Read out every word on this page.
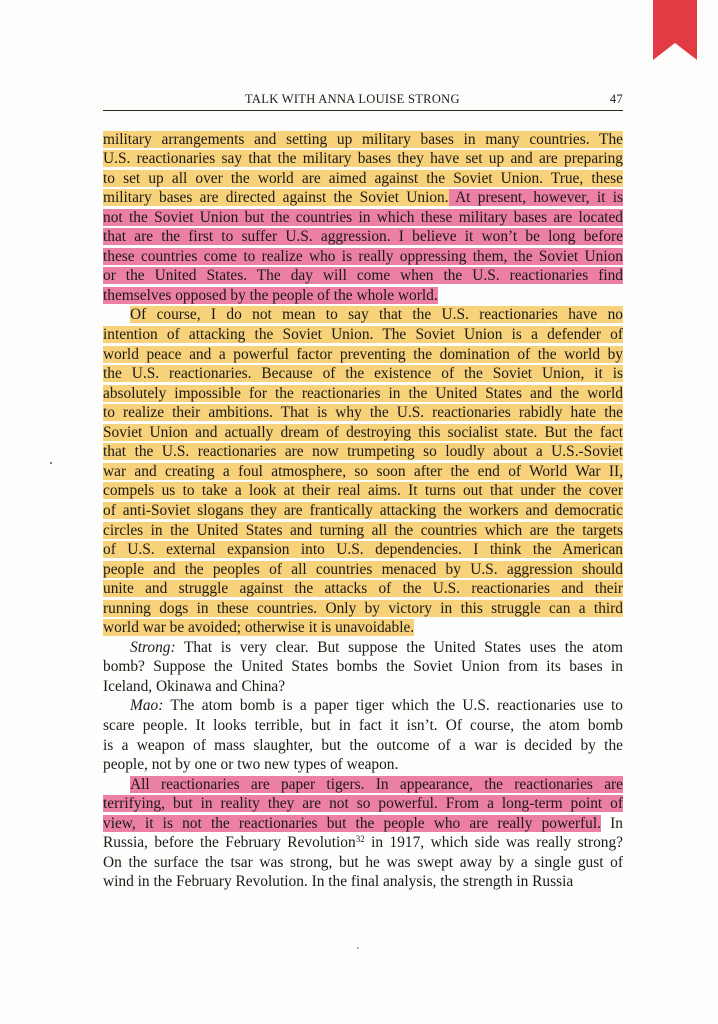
TALK WITH ANNA LOUISE STRONG	47
military arrangements and setting up military bases in many countries. The
U.S. reactionaries say that the military bases they have set up and are preparing
to set up all over the world are aimed against the Soviet Union. True, these
military bases are directed against the Soviet Union. At present, however, it is
not the Soviet Union but the countries in which these military bases are located
that are the first to suffer U.S. aggression. I believe it won’t be long before
these countries come to realize who is really oppressing them, the Soviet Union
or the United States. The day will come when the U.S. reactionaries find
themselves opposed by the people of the whole world.
Of course, I do not mean to say that the U.S. reactionaries have no
intention of attacking the Soviet Union. The Soviet Union is a defender of
world peace and a powerful factor preventing the domination of the world by
the U.S. reactionaries. Because of the existence of the Soviet Union, it is
absolutely impossible for the reactionaries in the United States and the world
to realize their ambitions. That is why the U.S. reactionaries rabidly hate the
Soviet Union and actually dream of destroying this socialist state. But the fact
that the U.S. reactionaries are now trumpeting so loudly about a U.S.-Soviet
war and creating a foul atmosphere, so soon after the end of World War II,
compels us to take a look at their real aims. It turns out that under the cover
of anti-Soviet slogans they are frantically attacking the workers and democratic
circles in the United States and turning all the countries which are the targets
of U.S. external expansion into U.S. dependencies. I think the American
people and the peoples of all countries menaced by U.S. aggression should
unite and struggle against the attacks of the U.S. reactionaries and their
running dogs in these countries. Only by victory in this struggle can a third
world war be avoided; otherwise it is unavoidable.
Strong: That is very clear. But suppose the United States uses the atom
bomb? Suppose the United States bombs the Soviet Union from its bases in
Iceland, Okinawa and China?
Mao: The atom bomb is a paper tiger which the U.S. reactionaries use to
scare people. It looks terrible, but in fact it isn’t. Of course, the atom bomb
is a weapon of mass slaughter, but the outcome of a war is decided by the
people, not by one or two new types of weapon.
All reactionaries are paper tigers. In appearance, the reactionaries are
terrifying, but in reality they are not so powerful. From a long-term point of
view, it is not the reactionaries but the people who are really powerful. In
Russia, before the February Revolution$^{32}$ in 1917, which side was really strong?
On the surface the tsar was strong, but he was swept away by a single gust of
wind in the February Revolution. In the final analysis, the strength in Russia
